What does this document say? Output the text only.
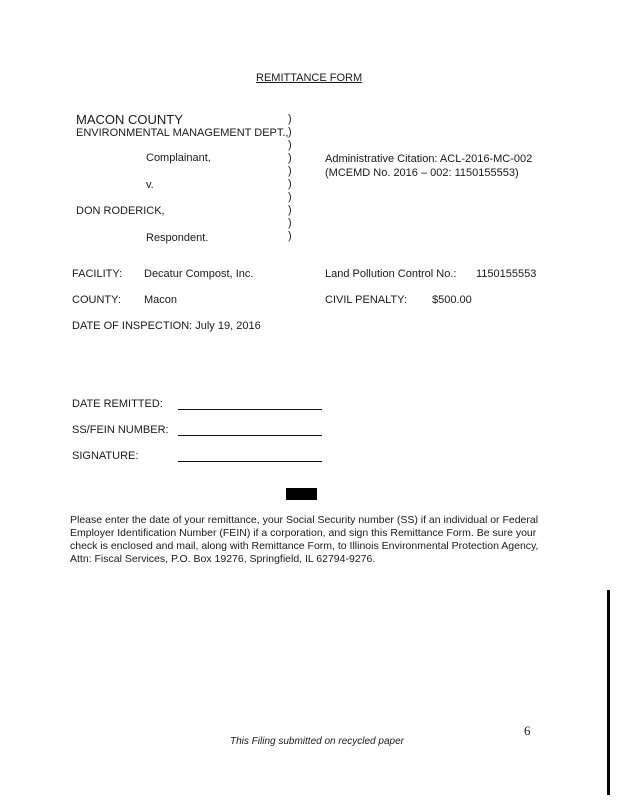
REMITTANCE FORM
MACON COUNTY
ENVIRONMENTAL MANAGEMENT DEPT.,
Complainant,
v.
DON RODERICK,
Respondent.
)
)
)
)
)
)
)
)
)
)
Administrative Citation: ACL-2016-MC-002
(MCEMD No. 2016 – 002: 1150155553)
FACILITY: Decatur Compost, Inc.	Land Pollution Control No.: 1150155553
COUNTY: Macon	CIVIL PENALTY: $500.00
DATE OF INSPECTION: July 19, 2016
DATE REMITTED:
SS/FEIN NUMBER:
SIGNATURE:
Please enter the date of your remittance, your Social Security number (SS) if an individual or Federal Employer Identification Number (FEIN) if a corporation, and sign this Remittance Form. Be sure your check is enclosed and mail, along with Remittance Form, to Illinois Environmental Protection Agency, Attn: Fiscal Services, P.O. Box 19276, Springfield, IL 62794-9276.
6
This Filing submitted on recycled paper
